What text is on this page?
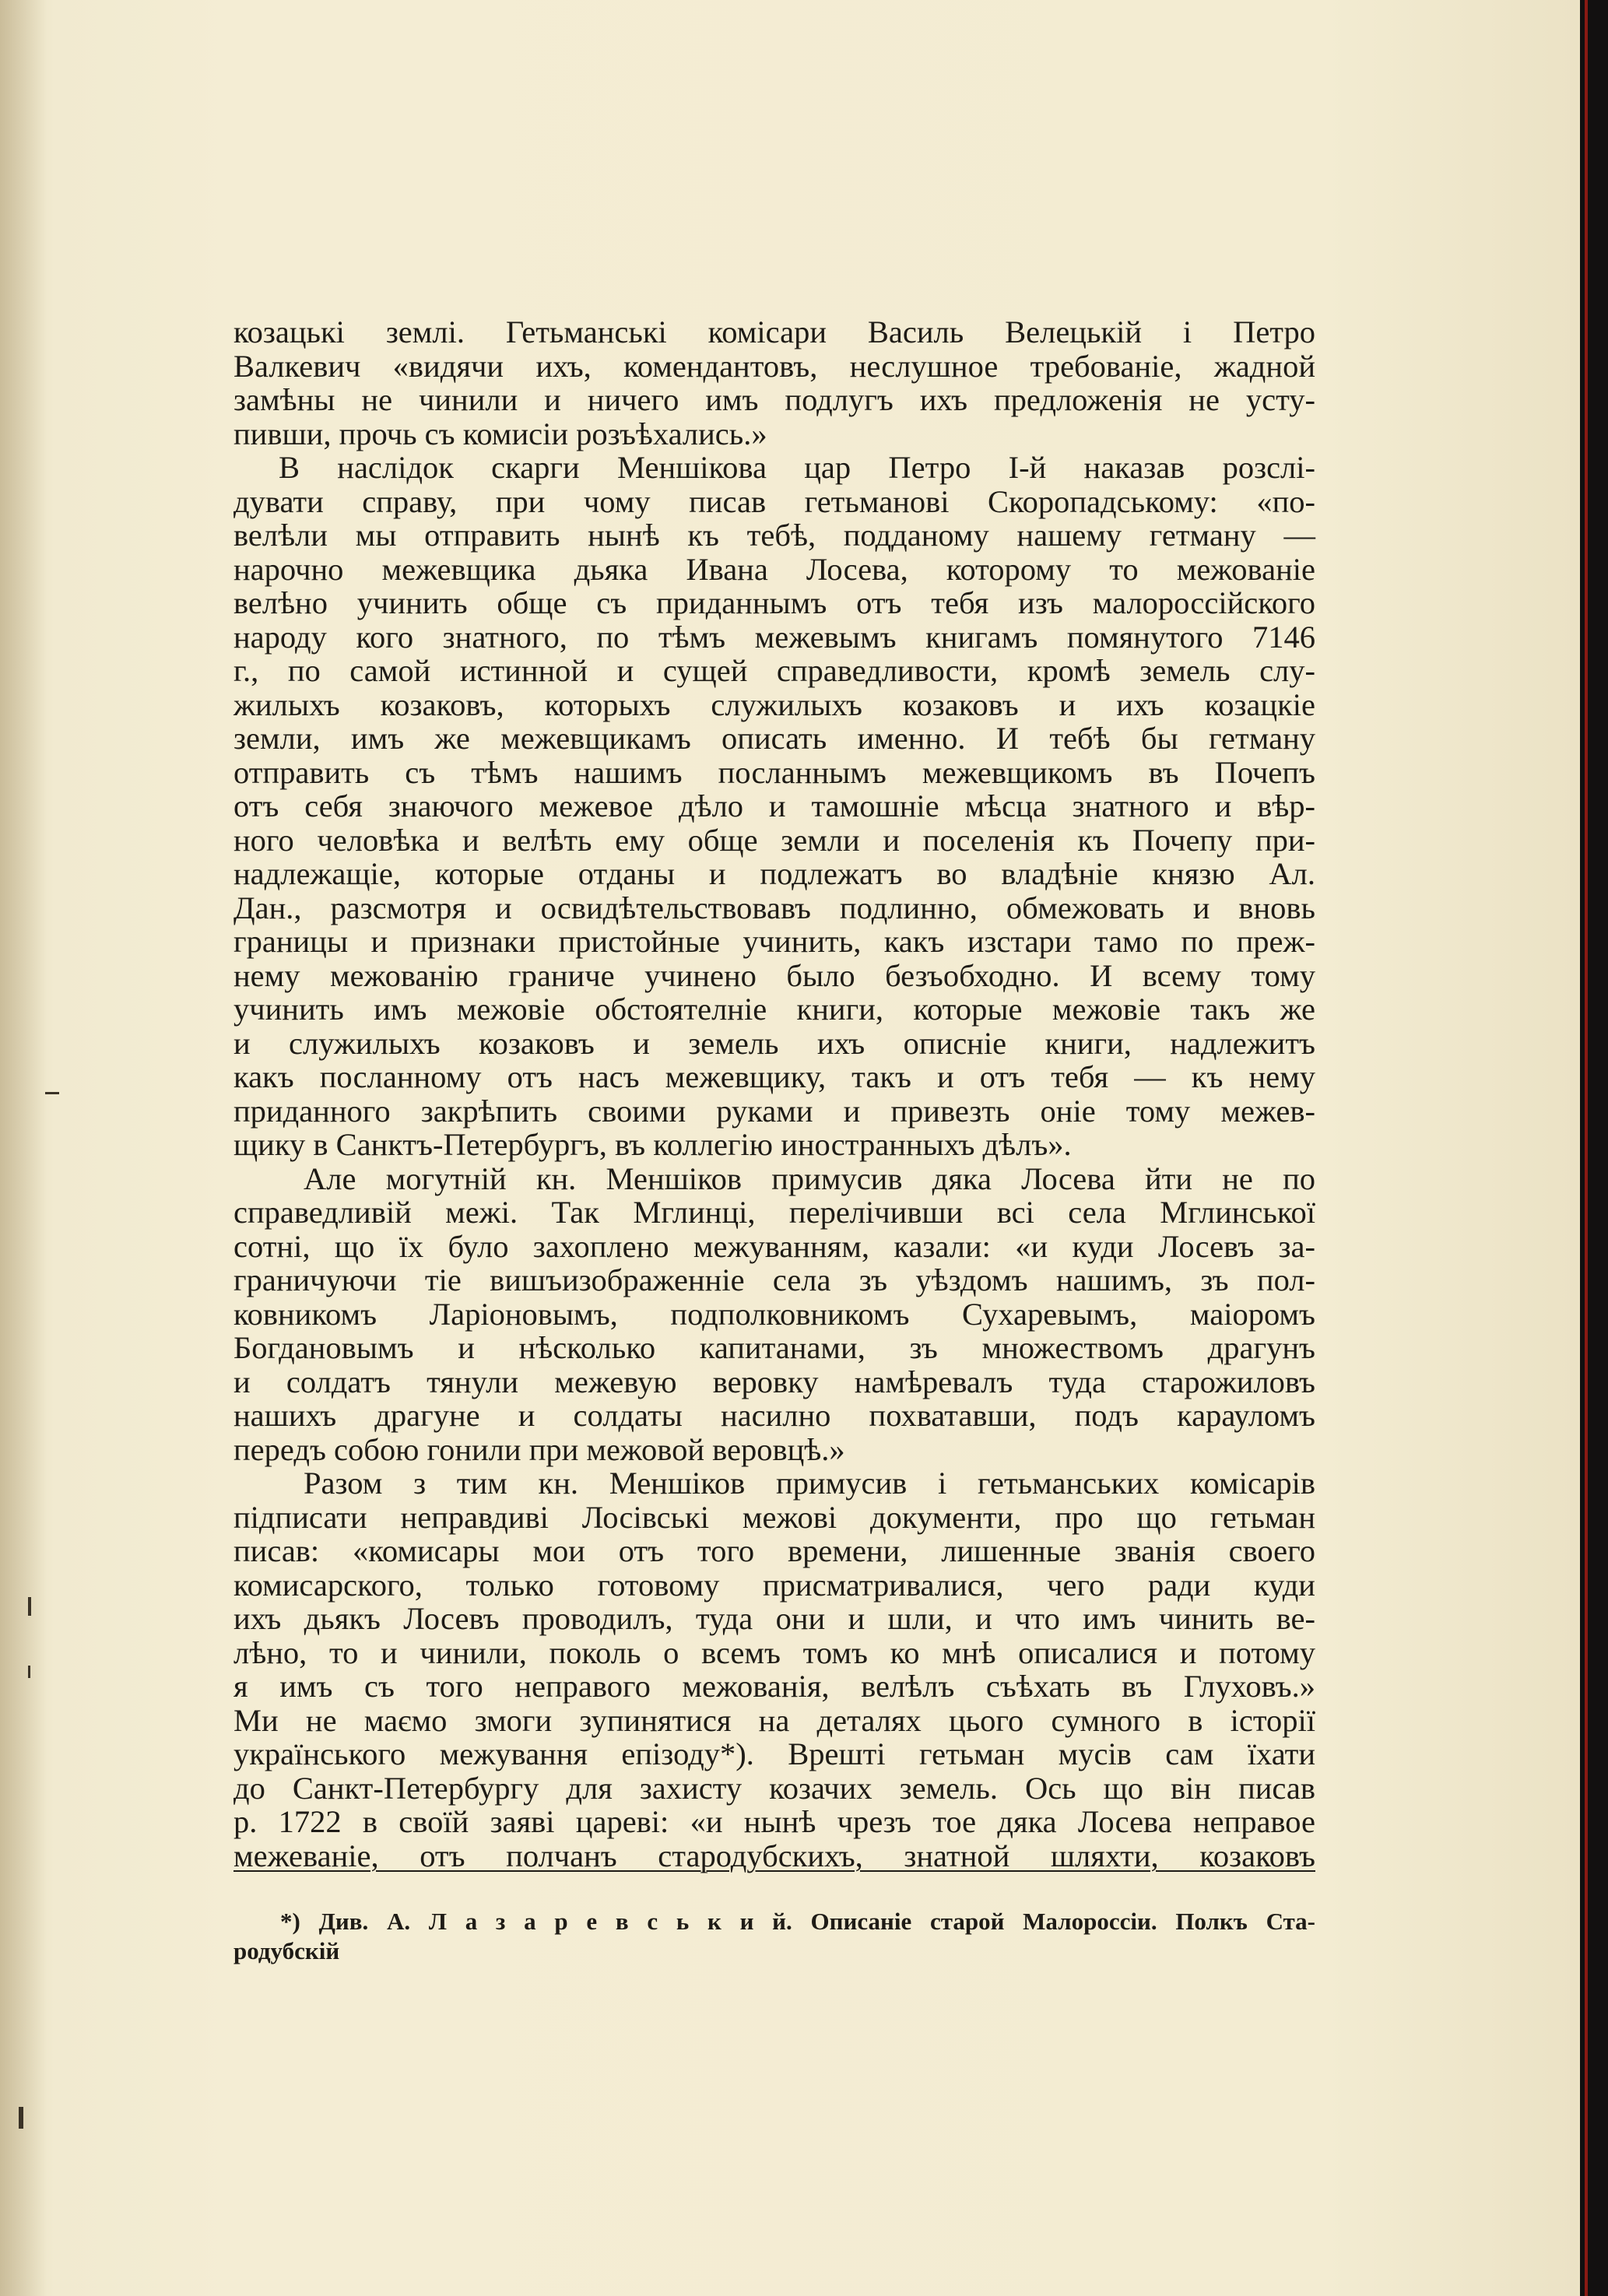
козацькі землі. Гетьманські комісари Василь Велецькій і Петро
Валкевич «видячи ихъ, комендантовъ, неслушное требованіе, жадной
замѣны не чинили и ничего имъ подлугъ ихъ предложенія не усту-
пивши, прочь съ комисіи розъѣхались.»
В наслідок скарги Меншікова цар Петро І-й наказав розслі-
дувати справу, при чому писав гетьманові Скоропадському: «по-
велѣли мы отправить нынѣ къ тебѣ, подданому нашему гетману —
нарочно межевщика дьяка Ивана Лосева, которому то межованіе
велѣно учинить обще съ приданнымъ отъ тебя изъ малороссійского
народу кого знатного, по тѣмъ межевымъ книгамъ помянутого 7146
г., по самой истинной и сущей справедливости, кромѣ земель слу-
жилыхъ козаковъ, которыхъ служилыхъ козаковъ и ихъ козацкіе
земли, имъ же межевщикамъ описать именно. И тебѣ бы гетману
отправить съ тѣмъ нашимъ посланнымъ межевщикомъ въ Почепъ
отъ себя знаючого межевое дѣло и тамошніе мѣсца знатного и вѣр-
ного человѣка и велѣть ему обще земли и поселенія къ Почепу при-
надлежащіе, которые отданы и подлежатъ во владѣніе князю Ал.
Дан., разсмотря и освидѣтельствовавъ подлинно, обмежовать и вновь
границы и признаки пристойные учинить, какъ изстари тамо по преж-
нему межованію граниче учинено было безъобходно. И всему тому
учинить имъ межовіе обстоятелніе книги, которые межовіе такъ же
и служилыхъ козаковъ и земель ихъ описніе книги, надлежитъ
какъ посланному отъ насъ межевщику, такъ и отъ тебя — къ нему
приданного закрѣпить своими руками и привезть оніе тому межев-
щику в Санктъ-Петербургъ, въ коллегію иностранныхъ дѣлъ».
Але могутній кн. Меншіков примусив дяка Лосева йти не по
справедливій межі. Так Мглинці, перелічивши всі села Мглинської
сотні, що їх було захоплено межуванням, казали: «и куди Лосевъ за-
граничуючи тіе вишъизображенніе села зъ уѣздомъ нашимъ, зъ пол-
ковникомъ Ларіоновымъ, подполковникомъ Сухаревымъ, маіоромъ
Богдановымъ и нѣсколько капитанами, зъ множествомъ драгунъ
и солдатъ тянули межевую веровку намѣревалъ туда старожиловъ
нашихъ драгуне и солдаты насилно похватавши, подъ карауломъ
передъ собою гонили при межовой веровцѣ.»
Разом з тим кн. Меншіков примусив і гетьманських комісарів
підписати неправдиві Лосівські межові документи, про що гетьман
писав: «комисары мои отъ того времени, лишенные званія своего
комисарского, только готовому присматривалися, чего ради куди
ихъ дьякъ Лосевъ проводилъ, туда они и шли, и что имъ чинить ве-
лѣно, то и чинили, поколь о всемъ томъ ко мнѣ описалися и потому
я имъ съ того неправого межованія, велѣлъ съѣхать въ Глуховъ.»
Ми не маємо змоги зупинятися на деталях цього сумного в історії
українського межування епізоду*). Врешті гетьман мусів сам їхати
до Санкт-Петербургу для захисту козачих земель. Ось що він писав
р. 1722 в своїй заяві цареві: «и нынѣ чрезъ тое дяка Лосева неправое
межеваніе, отъ полчанъ стародубскихъ, знатной шляхти, козаковъ
*) Див. А. Л а з а р е в с ь к и й. Описаніе старой Малороссіи. Полкъ Ста-
родубскій
